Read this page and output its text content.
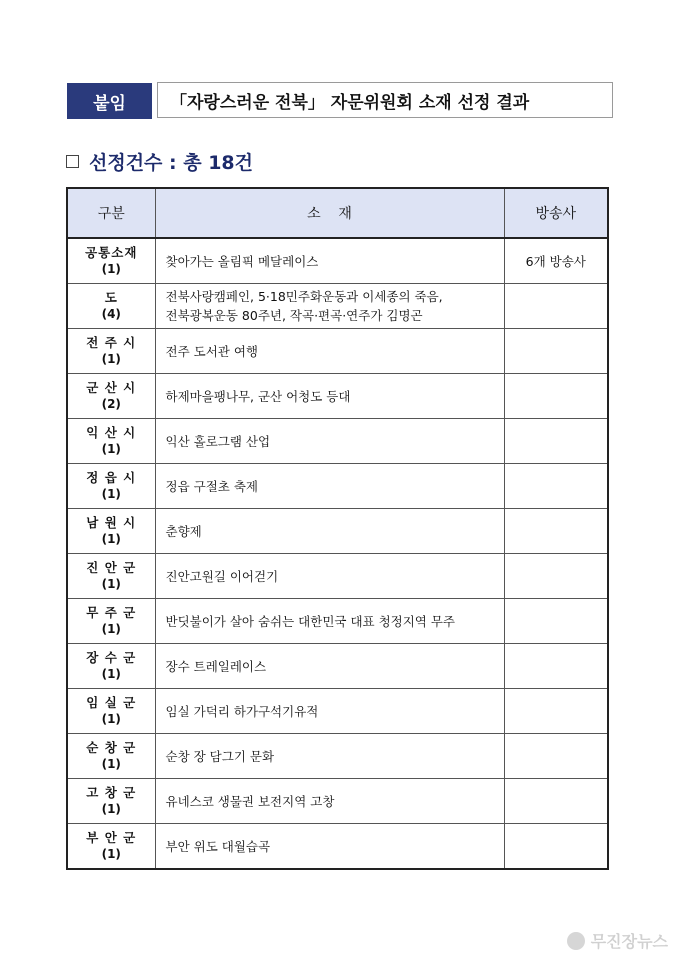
붙임	「자랑스러운 전북」 자문위원회 소재 선정 결과
선정건수 : 총 18건
구분	소    재	방송사

공통소재
(1)	찾아가는 올림픽 메달레이스	6개 방송사

도
(4)	전북사랑캠페인, 5·18민주화운동과 이세종의 죽음,
전북광복운동 80주년, 작곡·편곡·연주가 김명곤	

전 주 시
(1)	전주 도서관 여행	

군 산 시
(2)	하제마을팽나무, 군산 어청도 등대	

익 산 시
(1)	익산 홀로그램 산업	

정 읍 시
(1)	정읍 구절초 축제	

남 원 시
(1)	춘향제	

진 안 군
(1)	진안고원길 이어걷기	

무 주 군
(1)	반딧불이가 살아 숨쉬는 대한민국 대표 청정지역 무주	

장 수 군
(1)	장수 트레일레이스	

임 실 군
(1)	임실 가덕리 하가구석기유적	

순 창 군
(1)	순창 장 담그기 문화	

고 창 군
(1)	유네스코 생물권 보전지역 고창	

부 안 군
(1)	부안 위도 대월습곡	
무진장뉴스
